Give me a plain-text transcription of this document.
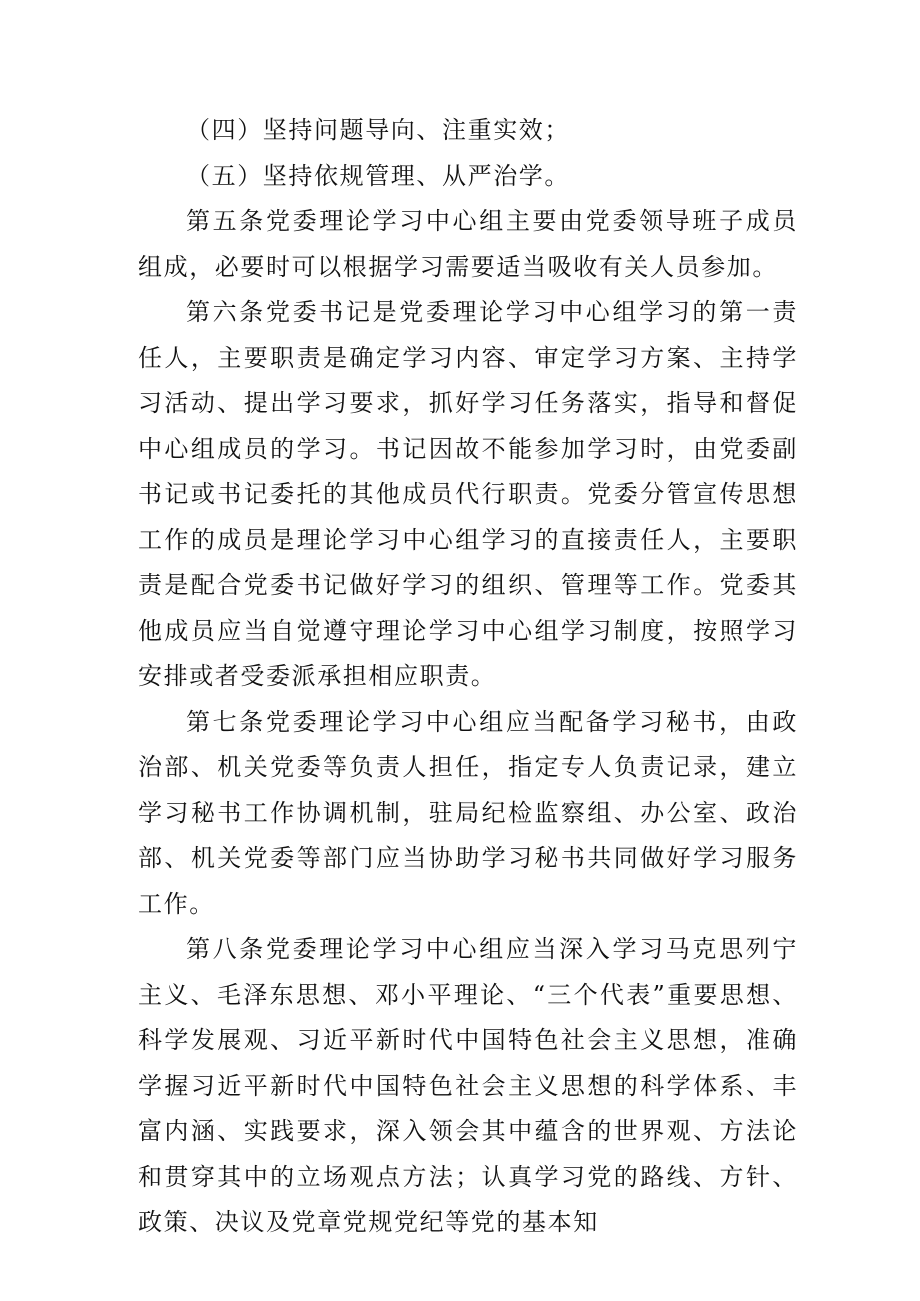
（四）坚持问题导向、注重实效；

（五）坚持依规管理、从严治学。

第五条党委理论学习中心组主要由党委领导班子成员组成，必要时可以根据学习需要适当吸收有关人员参加。

第六条党委书记是党委理论学习中心组学习的第一责任人，主要职责是确定学习内容、审定学习方案、主持学习活动、提出学习要求，抓好学习任务落实，指导和督促中心组成员的学习。书记因故不能参加学习时，由党委副书记或书记委托的其他成员代行职责。党委分管宣传思想工作的成员是理论学习中心组学习的直接责任人，主要职责是配合党委书记做好学习的组织、管理等工作。党委其他成员应当自觉遵守理论学习中心组学习制度，按照学习安排或者受委派承担相应职责。

第七条党委理论学习中心组应当配备学习秘书，由政治部、机关党委等负责人担任，指定专人负责记录，建立学习秘书工作协调机制，驻局纪检监察组、办公室、政治部、机关党委等部门应当协助学习秘书共同做好学习服务工作。

第八条党委理论学习中心组应当深入学习马克思列宁主义、毛泽东思想、邓小平理论、“三个代表”重要思想、科学发展观、习近平新时代中国特色社会主义思想，准确学握习近平新时代中国特色社会主义思想的科学体系、丰富内涵、实践要求，深入领会其中蕴含的世界观、方法论和贯穿其中的立场观点方法；认真学习党的路线、方针、政策、决议及党章党规党纪等党的基本知
